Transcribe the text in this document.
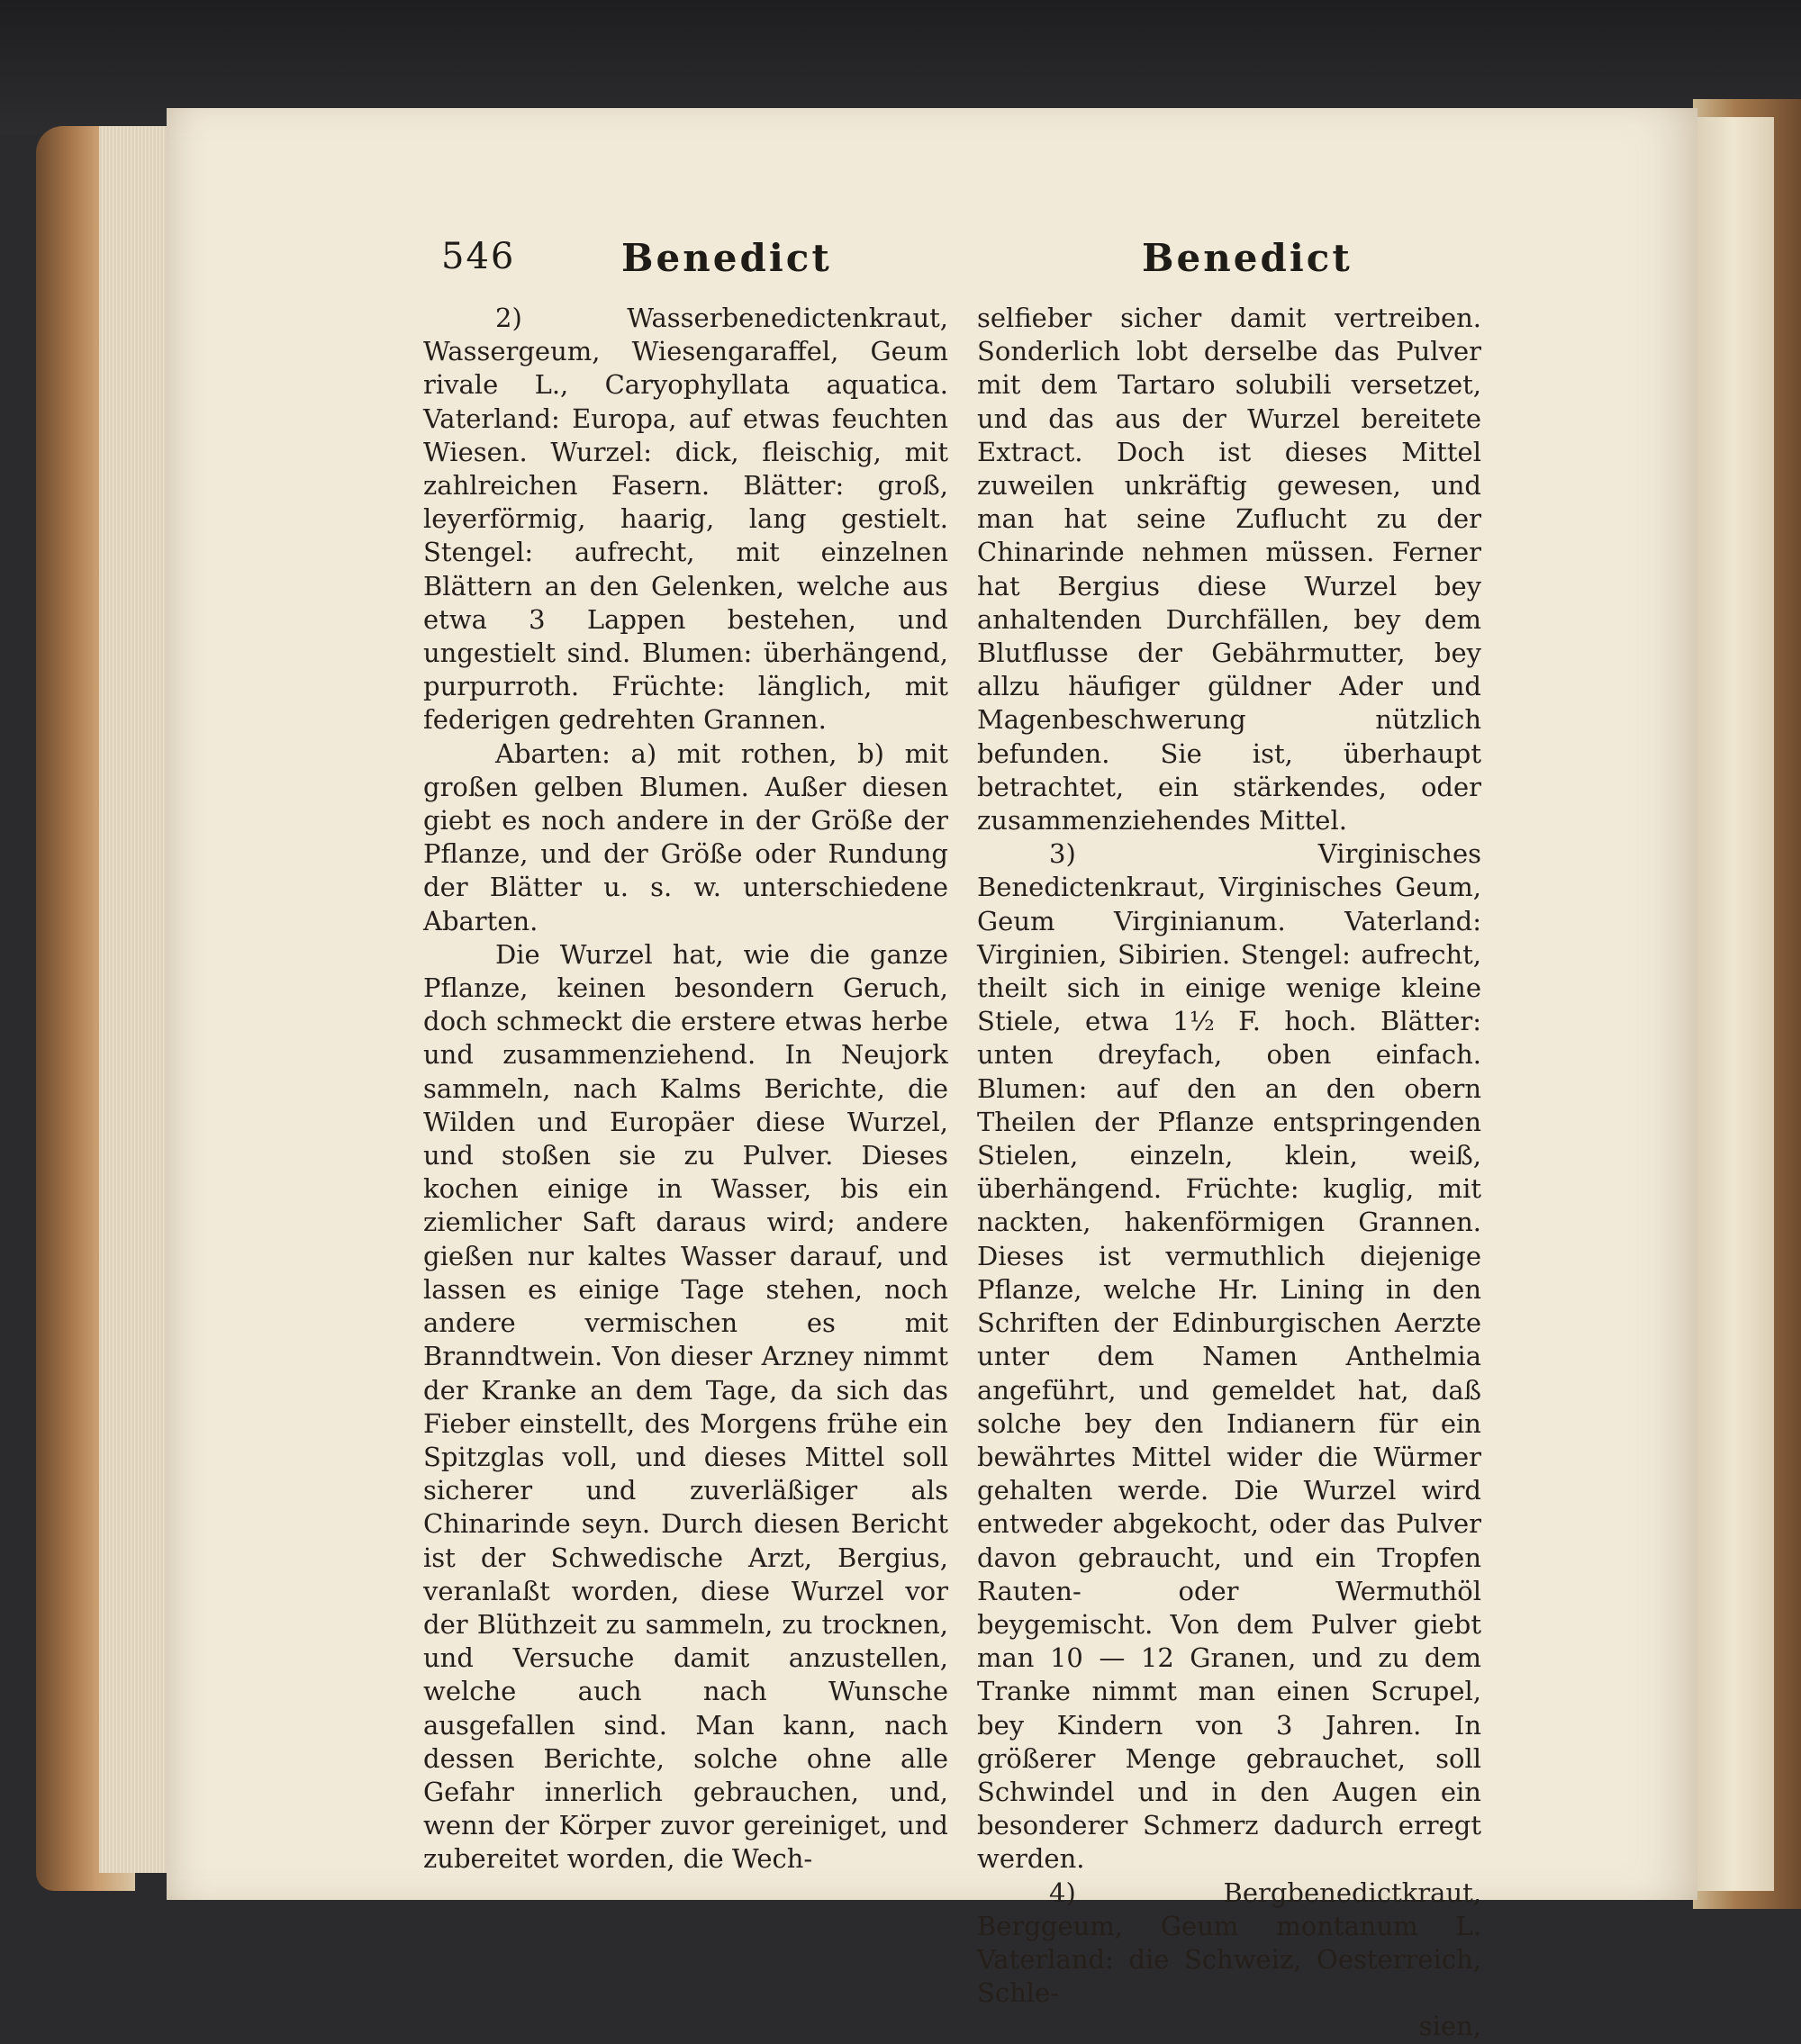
546	Benedict	Benedict

2) Wasserbenedictenkraut, Wassergeum, Wiesengaraffel, Geum rivale L., Caryophyllata aquatica. Vaterland: Europa, auf etwas feuchten Wiesen. Wurzel: dick, fleischig, mit zahlreichen Fasern. Blätter: groß, leyerförmig, haarig, lang gestielt. Stengel: aufrecht, mit einzelnen Blättern an den Gelenken, welche aus etwa 3 Lappen bestehen, und ungestielt sind. Blumen: überhängend, purpurroth. Früchte: länglich, mit federigen gedrehten Grannen.

Abarten: a) mit rothen, b) mit großen gelben Blumen. Außer diesen giebt es noch andere in der Größe der Pflanze, und der Größe oder Rundung der Blätter u. s. w. unterschiedene Abarten.

Die Wurzel hat, wie die ganze Pflanze, keinen besondern Geruch, doch schmeckt die erstere etwas herbe und zusammenziehend. In Neujork sammeln, nach Kalms Berichte, die Wilden und Europäer diese Wurzel, und stoßen sie zu Pulver. Dieses kochen einige in Wasser, bis ein ziemlicher Saft daraus wird; andere gießen nur kaltes Wasser darauf, und lassen es einige Tage stehen, noch andere vermischen es mit Branndtwein. Von dieser Arzney nimmt der Kranke an dem Tage, da sich das Fieber einstellt, des Morgens frühe ein Spitzglas voll, und dieses Mittel soll sicherer und zuverläßiger als Chinarinde seyn. Durch diesen Bericht ist der Schwedische Arzt, Bergius, veranlaßt worden, diese Wurzel vor der Blüthzeit zu sammeln, zu trocknen, und Versuche damit anzustellen, welche auch nach Wunsche ausgefallen sind. Man kann, nach dessen Berichte, solche ohne alle Gefahr innerlich gebrauchen, und, wenn der Körper zuvor gereiniget, und zubereitet worden, die Wech-

selfieber sicher damit vertreiben. Sonderlich lobt derselbe das Pulver mit dem Tartaro solubili versetzet, und das aus der Wurzel bereitete Extract. Doch ist dieses Mittel zuweilen unkräftig gewesen, und man hat seine Zuflucht zu der Chinarinde nehmen müssen. Ferner hat Bergius diese Wurzel bey anhaltenden Durchfällen, bey dem Blutflusse der Gebährmutter, bey allzu häufiger güldner Ader und Magenbeschwerung nützlich befunden. Sie ist, überhaupt betrachtet, ein stärkendes, oder zusammenziehendes Mittel.

3) Virginisches Benedictenkraut, Virginisches Geum, Geum Virginianum. Vaterland: Virginien, Sibirien. Stengel: aufrecht, theilt sich in einige wenige kleine Stiele, etwa 1½ F. hoch. Blätter: unten dreyfach, oben einfach. Blumen: auf den an den obern Theilen der Pflanze entspringenden Stielen, einzeln, klein, weiß, überhängend. Früchte: kuglig, mit nackten, hakenförmigen Grannen. Dieses ist vermuthlich diejenige Pflanze, welche Hr. Lining in den Schriften der Edinburgischen Aerzte unter dem Namen Anthelmia angeführt, und gemeldet hat, daß solche bey den Indianern für ein bewährtes Mittel wider die Würmer gehalten werde. Die Wurzel wird entweder abgekocht, oder das Pulver davon gebraucht, und ein Tropfen Rauten- oder Wermuthöl beygemischt. Von dem Pulver giebt man 10 — 12 Granen, und zu dem Tranke nimmt man einen Scrupel, bey Kindern von 3 Jahren. In größerer Menge gebrauchet, soll Schwindel und in den Augen ein besonderer Schmerz dadurch erregt werden.

4) Bergbenedictkraut, Berggeum, Geum montanum L. Vaterland: die Schweiz, Oesterreich, Schle-

sien,
